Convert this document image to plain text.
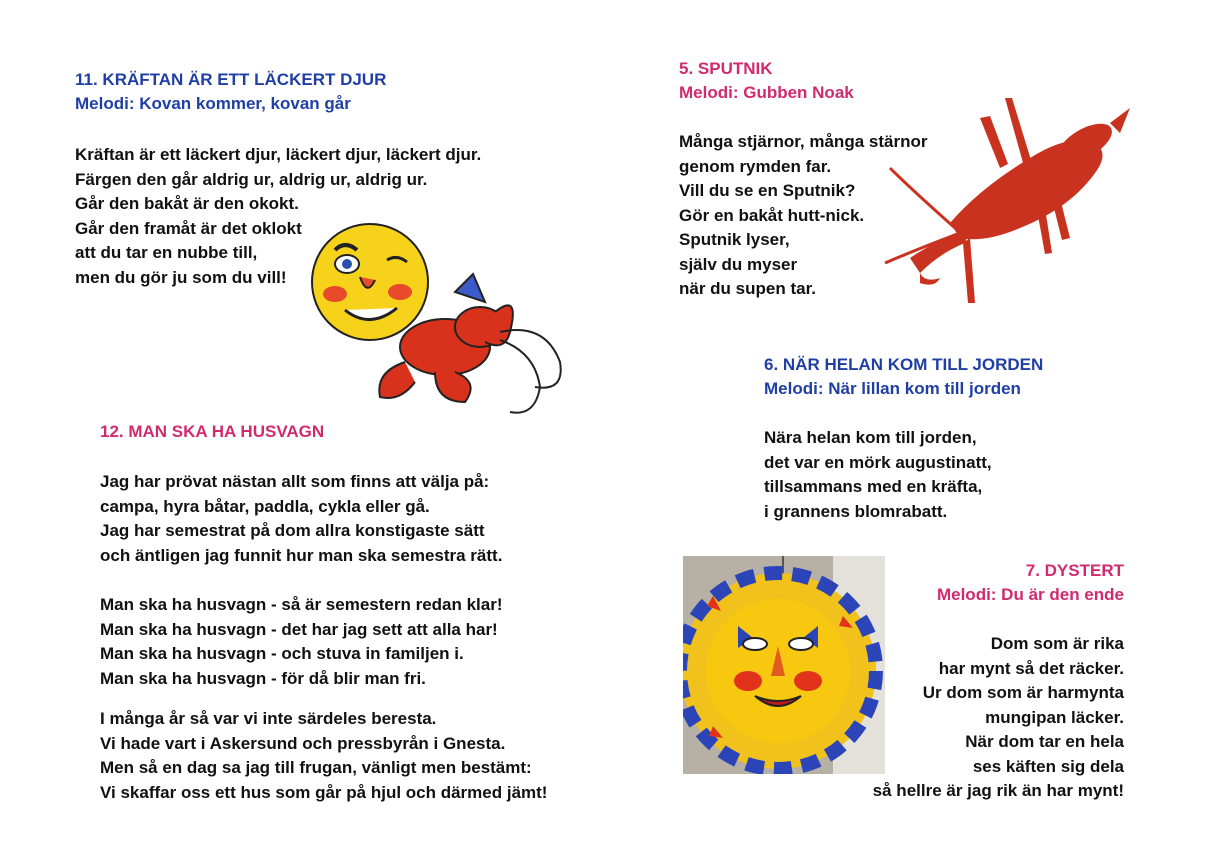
11. KRÄFTAN ÄR ETT LÄCKERT DJUR

Melodi: Kovan kommer, kovan går

Kräftan är ett läckert djur, läckert djur, läckert djur.
Färgen den går aldrig ur, aldrig ur, aldrig ur.
Går den bakåt är den okokt.
Går den framåt är det oklokt
att du tar en nubbe till,
men du gör ju som du vill!

12. MAN SKA HA HUSVAGN

Jag har prövat nästan allt som finns att välja på:
campa, hyra båtar, paddla, cykla eller gå.
Jag har semestrat på dom allra konstigaste sätt
och äntligen jag funnit hur man ska semestra rätt.
Man ska ha husvagn - så är semestern redan klar!
Man ska ha husvagn - det har jag sett att alla har!
Man ska ha husvagn - och stuva in familjen i.
Man ska ha husvagn - för då blir man fri.
I många år så var vi inte särdeles beresta.
Vi hade vart i Askersund och pressbyrån i Gnesta.
Men så en dag sa jag till frugan, vänligt men bestämt:
Vi skaffar oss ett hus som går på hjul och därmed jämt!

5. SPUTNIK

Melodi: Gubben Noak

Många stjärnor, många stärnor
genom rymden far.
Vill du se en Sputnik?
Gör en bakåt hutt-nick.
Sputnik lyser,
själv du myser
när du supen tar.

6. NÄR HELAN KOM TILL JORDEN

Melodi: När lillan kom till jorden

Nära helan kom till jorden,
det var en mörk augustinatt,
tillsammans med en kräfta,
i grannens blomrabatt.

7. DYSTERT

Melodi: Du är den ende

Dom som är rika
har mynt så det räcker.
Ur dom som är harmynta
mungipan läcker.
När dom tar en hela
ses käften sig dela
så hellre är jag rik än har mynt!
